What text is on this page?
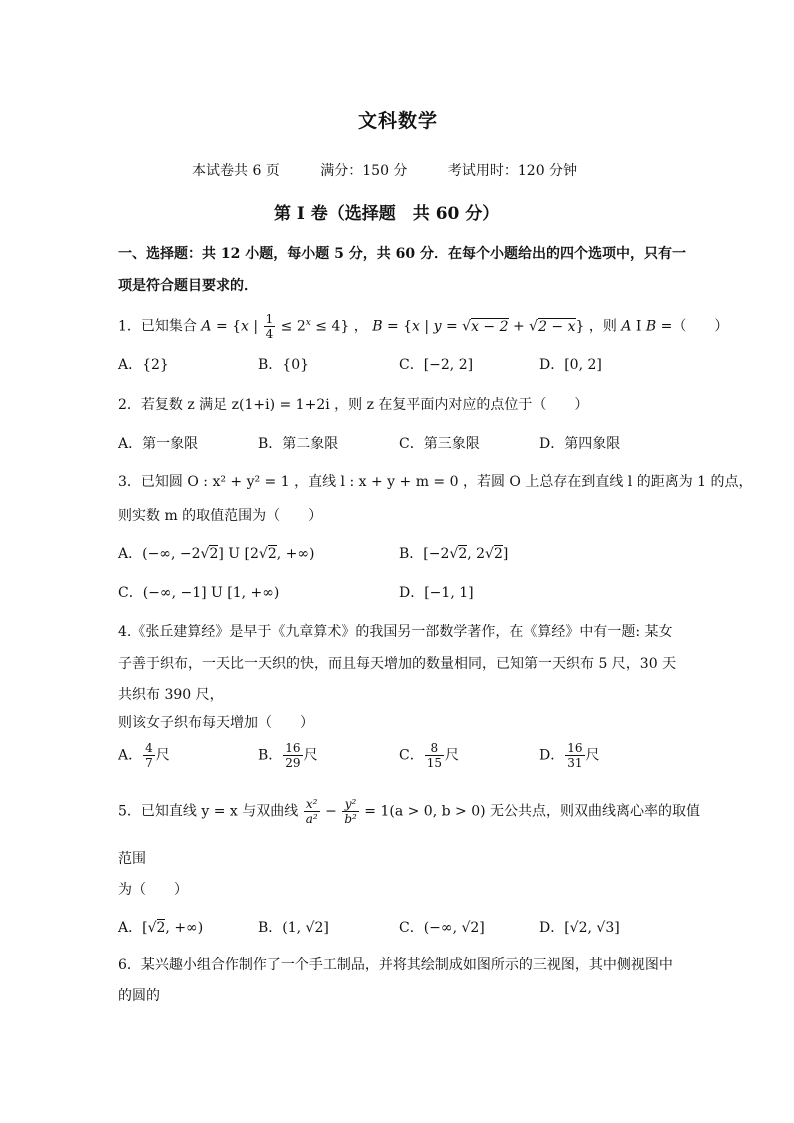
文科数学
本试卷共 6 页	满分：150 分	考试用时：120 分钟
第 I 卷（选择题　共 60 分）
一、选择题：共 12 小题，每小题 5 分，共 60 分．在每个小题给出的四个选项中，只有一
项是符合题目要求的．
1．已知集合 A = {x | $\frac{1}{4} \le 2^x \le 4$} ， B = {x | y = √x − 2 + √2 − x} ，则 A I B =（　　）
A．{2}	B．{0}	C．[−2, 2]	D．[0, 2]
2．若复数 z 满足 z(1+i) = 1+2i ，则 z 在复平面内对应的点位于（　　）
A．第一象限	B．第二象限	C．第三象限	D．第四象限
3．已知圆 O : x² + y² = 1 ，直线 l : x + y + m = 0 ，若圆 O 上总存在到直线 l 的距离为 1 的点，
则实数 m 的取值范围为（　　）
A．(−∞, −2√2] U [2√2, +∞)	B．[−2√2, 2√2]
C．(−∞, −1] U [1, +∞)	D．[−1, 1]
4.《张丘建算经》是早于《九章算术》的我国另一部数学著作，在《算经》中有一题: 某女
子善于织布，一天比一天织的快，而且每天增加的数量相同，已知第一天织布 5 尺，30 天
共织布 390 尺，
则该女子织布每天增加（　　）
A． $\frac{4}{7}$ 尺	B． $\frac{16}{29}$ 尺	C． $\frac{8}{15}$ 尺	D． $\frac{16}{31}$ 尺
5．已知直线 y = x 与双曲线 $\frac{\text{x²}}{\text{a²}} - \frac{\text{y²}}{\text{b²}} = 1(a > 0$, b > 0) 无公共点，则双曲线离心率的取值
范围
为（　　）
A．[√2, +∞)	B．(1, √2]	C．(−∞, √2]	D．[√2, √3]
6．某兴趣小组合作制作了一个手工制品，并将其绘制成如图所示的三视图，其中侧视图中
的圆的
